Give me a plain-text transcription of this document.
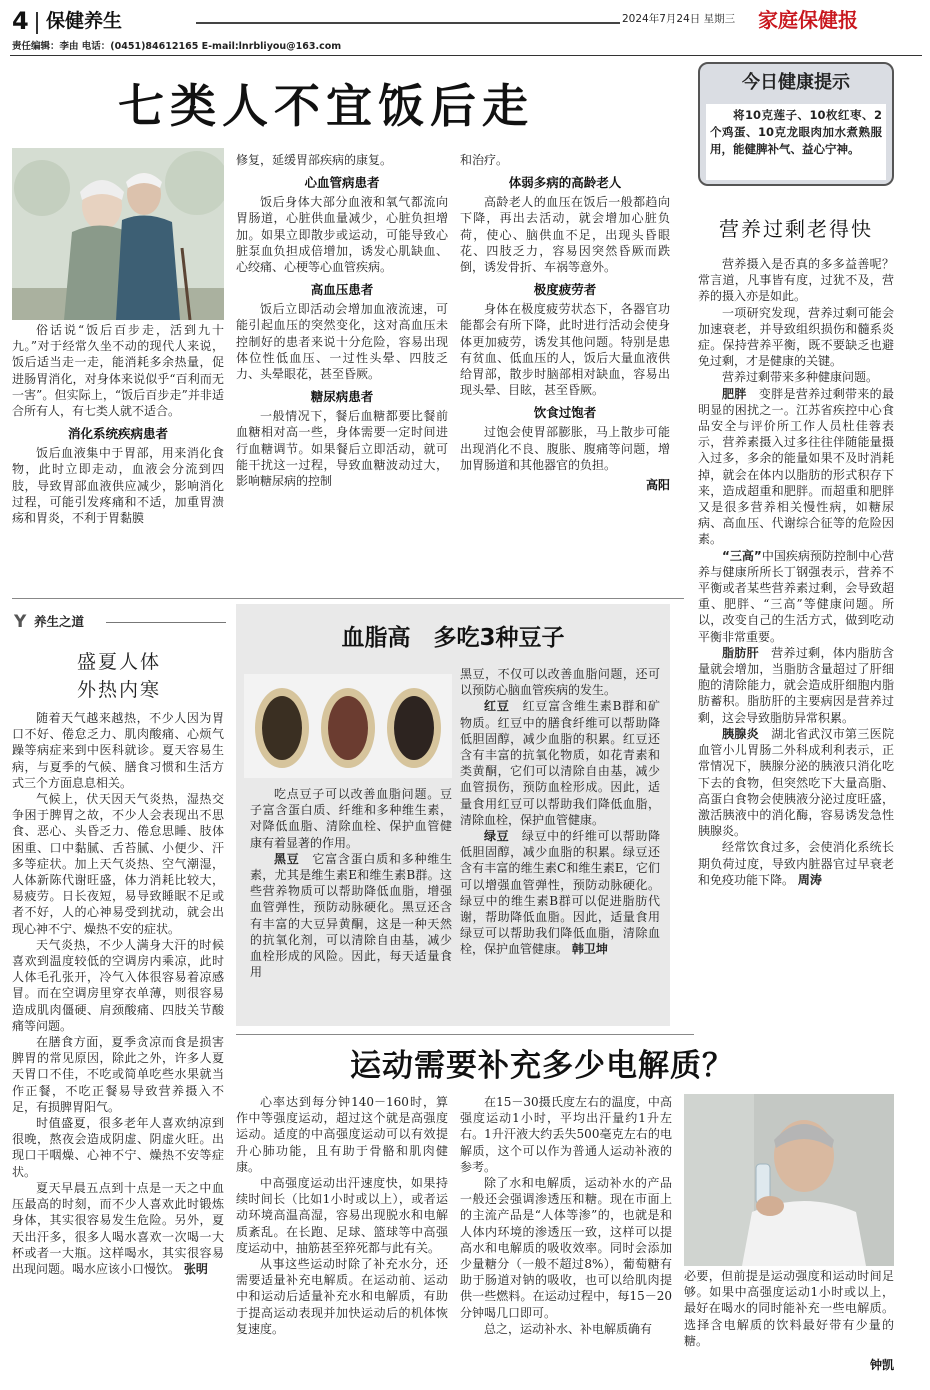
4 保健养生	2024年7月24日 星期三 家庭保健报
责任编辑：李由 电话：(0451)84612165 E-mail:lnrbliyou@163.com
七类人不宜饭后走

俗话说“饭后百步走，活到九十九。”对于经常久坐不动的现代人来说，饭后适当走一走，能消耗多余热量，促进肠胃消化，对身体来说似乎“百利而无一害”。但实际上，“饭后百步走”并非适合所有人，有七类人就不适合。

消化系统疾病患者

饭后血液集中于胃部，用来消化食物，此时立即走动，血液会分流到四肢，导致胃部血液供应减少，影响消化过程，可能引发疼痛和不适，加重胃溃疡和胃炎，不利于胃黏膜

修复，延缓胃部疾病的康复。
心血管病患者

饭后身体大部分血液和氧气都流向胃肠道，心脏供血量减少，心脏负担增加。如果立即散步或运动，可能导致心脏泵血负担成倍增加，诱发心肌缺血、心绞痛、心梗等心血管疾病。

高血压患者

饭后立即活动会增加血液流速，可能引起血压的突然变化，这对高血压未控制好的患者来说十分危险，容易出现体位性低血压、一过性头晕、四肢乏力、头晕眼花，甚至昏厥。

糖尿病患者

一般情况下，餐后血糖都要比餐前血糖相对高一些，身体需要一定时间进行血糖调节。如果餐后立即活动，就可能干扰这一过程，导致血糖波动过大，影响糖尿病的控制

和治疗。
体弱多病的高龄老人

高龄老人的血压在饭后一般都趋向下降，再出去活动，就会增加心脏负荷，使心、脑供血不足，出现头昏眼花、四肢乏力，容易因突然昏厥而跌倒，诱发骨折、车祸等意外。

极度疲劳者

身体在极度疲劳状态下，各器官功能都会有所下降，此时进行活动会使身体更加疲劳，诱发其他问题。特别是患有贫血、低血压的人，饭后大量血液供给胃部，散步时脑部相对缺血，容易出现头晕、目眩，甚至昏厥。

饮食过饱者

过饱会使胃部膨胀，马上散步可能出现消化不良、腹胀、腹痛等问题，增加胃肠道和其他器官的负担。

高阳
今日健康提示
将10克莲子、10枚红枣、2个鸡蛋、10克龙眼肉加水煮熟服用，能健脾补气、益心宁神。
营养过剩老得快

营养摄入是否真的多多益善呢？常言道，凡事皆有度，过犹不及，营养的摄入亦是如此。

一项研究发现，营养过剩可能会加速衰老，并导致组织损伤和髓系炎症。保持营养平衡，既不要缺乏也避免过剩，才是健康的关键。

营养过剩带来多种健康问题。

肥胖　 变胖是营养过剩带来的最明显的困扰之一。江苏省疾控中心食品安全与评价所工作人员杜佳蓉表示，营养素摄入过多往往伴随能量摄入过多，多余的能量如果不及时消耗掉，就会在体内以脂肪的形式积存下来，造成超重和肥胖。而超重和肥胖又是很多营养相关慢性病，如糖尿病、高血压、代谢综合征等的危险因素。

“三高”中国疾病预防控制中心营养与健康所所长丁钢强表示，营养不平衡或者某些营养素过剩，会导致超重、肥胖、“三高”等健康问题。所以，改变自己的生活方式，做到吃动平衡非常重要。

脂肪肝　 营养过剩，体内脂肪含量就会增加，当脂肪含量超过了肝细胞的清除能力，就会造成肝细胞内脂肪蓄积。脂肪肝的主要病因是营养过剩，这会导致脂肪异常积累。

胰腺炎　 湖北省武汉市第三医院血管小儿胃肠二外科成利利表示，正常情况下，胰腺分泌的胰液只消化吃下去的食物，但突然吃下大量高脂、高蛋白食物会使胰液分泌过度旺盛，激活胰液中的消化酶，容易诱发急性胰腺炎。

经常饮食过多，会使消化系统长期负荷过度，导致内脏器官过早衰老和免疫功能下降。 周涛

Y 养生之道
盛夏人体
外热内寒

随着天气越来越热，不少人因为胃口不好、倦怠乏力、肌肉酸痛、心烦气躁等病症来到中医科就诊。夏天容易生病，与夏季的气候、膳食习惯和生活方式三个方面息息相关。

气候上，伏天因天气炎热，湿热交争困于脾胃之故，不少人会表现出不思食、恶心、头昏乏力、倦怠思睡、肢体困重、口中黏腻、舌苔腻、小便少、汗多等症状。加上天气炎热、空气潮湿，人体新陈代谢旺盛，体力消耗比较大，易疲劳。日长夜短，易导致睡眠不足或者不好，人的心神易受到扰动，就会出现心神不宁、燥热不安的症状。

天气炎热，不少人满身大汗的时候喜欢到温度较低的空调房内乘凉，此时人体毛孔张开，冷气入体很容易着凉感冒。而在空调房里穿衣单薄，则很容易造成肌肉僵硬、肩颈酸痛、四肢关节酸痛等问题。

在膳食方面，夏季贪凉而食是损害脾胃的常见原因，除此之外，许多人夏天胃口不佳，不吃或简单吃些水果就当作正餐，不吃正餐易导致营养摄入不足，有损脾胃阳气。

时值盛夏，很多老年人喜欢纳凉到很晚，熬夜会造成阴虚、阴虚火旺。出现口干咽燥、心神不宁、燥热不安等症状。

夏天早晨五点到十点是一天之中血压最高的时刻，而不少人喜欢此时锻炼身体，其实很容易发生危险。另外，夏天出汗多，很多人喝水喜欢一次喝一大杯或者一大瓶。这样喝水，其实很容易出现问题。喝水应该小口慢饮。 张明

血脂高　多吃3种豆子

吃点豆子可以改善血脂问题。豆子富含蛋白质、纤维和多种维生素，对降低血脂、清除血栓、保护血管健康有着显著的作用。

黑豆　 它富含蛋白质和多种维生素，尤其是维生素E和维生素B群。这些营养物质可以帮助降低血脂，增强血管弹性，预防动脉硬化。黑豆还含有丰富的大豆异黄酮，这是一种天然的抗氧化剂，可以清除自由基，减少血栓形成的风险。因此，每天适量食用

黑豆，不仅可以改善血脂问题，还可以预防心脑血管疾病的发生。

红豆　 红豆富含维生素B群和矿物质。红豆中的膳食纤维可以帮助降低胆固醇，减少血脂的积累。红豆还含有丰富的抗氧化物质，如花青素和类黄酮，它们可以清除自由基，减少血管损伤，预防血栓形成。因此，适量食用红豆可以帮助我们降低血脂，清除血栓，保护血管健康。

绿豆　 绿豆中的纤维可以帮助降低胆固醇，减少血脂的积累。绿豆还含有丰富的维生素C和维生素E，它们可以增强血管弹性，预防动脉硬化。绿豆中的维生素B群可以促进脂肪代谢，帮助降低血脂。因此，适量食用绿豆可以帮助我们降低血脂，清除血栓，保护血管健康。 韩卫坤

运动需要补充多少电解质？

心率达到每分钟140－160时，算作中等强度运动，超过这个就是高强度运动。适度的中高强度运动可以有效提升心肺功能，且有助于骨骼和肌肉健康。

中高强度运动出汗速度快，如果持续时间长（比如1小时或以上），或者运动环境高温高湿，容易出现脱水和电解质紊乱。在长跑、足球、篮球等中高强度运动中，抽筋甚至猝死都与此有关。

从事这些运动时除了补充水分，还需要适量补充电解质。在运动前、运动中和运动后适量补充水和电解质，有助于提高运动表现并加快运动后的机体恢复速度。

在15－30摄氏度左右的温度，中高强度运动1小时，平均出汗量约1升左右。1升汗液大约丢失500毫克左右的电解质，这个可以作为普通人运动补液的参考。

除了水和电解质，运动补水的产品一般还会强调渗透压和糖。现在市面上的主流产品是“人体等渗”的，也就是和人体内环境的渗透压一致，这样可以提高水和电解质的吸收效率。同时会添加少量糖分（一般不超过8%），葡萄糖有助于肠道对钠的吸收，也可以给肌肉提供一些燃料。在运动过程中，每15－20分钟喝几口即可。

总之，运动补水、补电解质确有

必要，但前提是运动强度和运动时间足够。如果中高强度运动1小时或以上，最好在喝水的同时能补充一些电解质。选择含电解质的饮料最好带有少量的糖。
钟凯
